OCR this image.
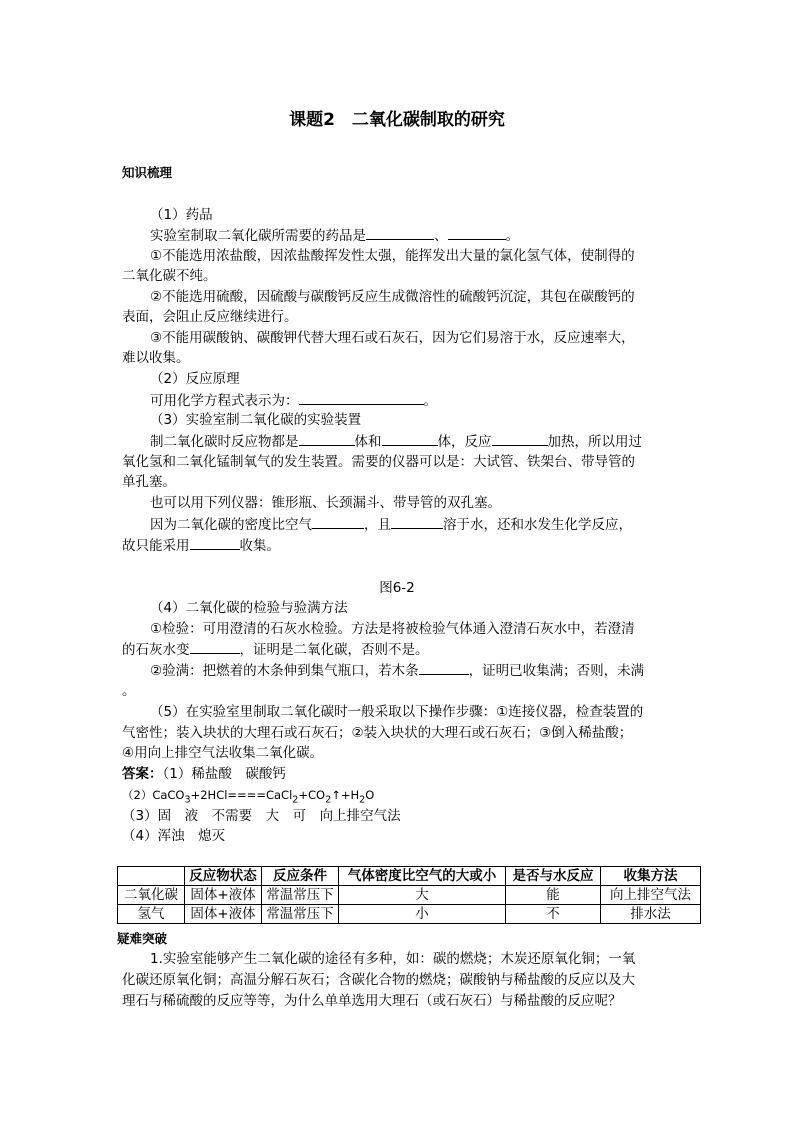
课题2　二氧化碳制取的研究
知识梳理
（1）药品
实验室制取二氧化碳所需要的药品是	、	。
①不能选用浓盐酸，因浓盐酸挥发性太强，能挥发出大量的氯化氢气体，使制得的
二氧化碳不纯。
②不能选用硫酸，因硫酸与碳酸钙反应生成微溶性的硫酸钙沉淀，其包在碳酸钙的
表面，会阻止反应继续进行。
③不能用碳酸钠、碳酸钾代替大理石或石灰石，因为它们易溶于水，反应速率大，
难以收集。
（2）反应原理
可用化学方程式表示为：	。
（3）实验室制二氧化碳的实验装置
制二氧化碳时反应物都是	体和	体，反应	加热，所以用过
氧化氢和二氧化锰制氧气的发生装置。需要的仪器可以是：大试管、铁架台、带导管的
单孔塞。
也可以用下列仪器：锥形瓶、长颈漏斗、带导管的双孔塞。
因为二氧化碳的密度比空气	，且	溶于水，还和水发生化学反应，
故只能采用	收集。
图6-2
（4）二氧化碳的检验与验满方法
①检验：可用澄清的石灰水检验。方法是将被检验气体通入澄清石灰水中，若澄清
的石灰水变	，证明是二氧化碳，否则不是。
②验满：把燃着的木条伸到集气瓶口，若木条	，证明已收集满；否则，未满
。
（5）在实验室里制取二氧化碳时一般采取以下操作步骤：①连接仪器，检查装置的
气密性；装入块状的大理石或石灰石；②装入块状的大理石或石灰石；③倒入稀盐酸；
④用向上排空气法收集二氧化碳。
答案：（1）稀盐酸　碳酸钙
$(2)CaCO_3+2HCl====CaCl_2+CO_2↑+H_2O$
（3）固　液　不需要　大　可　向上排空气法
（4）浑浊　熄灭
	反应物状态	反应条件	气体密度比空气的大或小	是否与水反应	收集方法
二氧化碳	固体+液体	常温常压下	大	能	向上排空气法
氢气	固体+液体	常温常压下	小	不	排水法
疑难突破
1.实验室能够产生二氧化碳的途径有多种，如：碳的燃烧；木炭还原氧化铜；一氧
化碳还原氧化铜；高温分解石灰石；含碳化合物的燃烧；碳酸钠与稀盐酸的反应以及大
理石与稀硫酸的反应等等，为什么单单选用大理石（或石灰石）与稀盐酸的反应呢？
